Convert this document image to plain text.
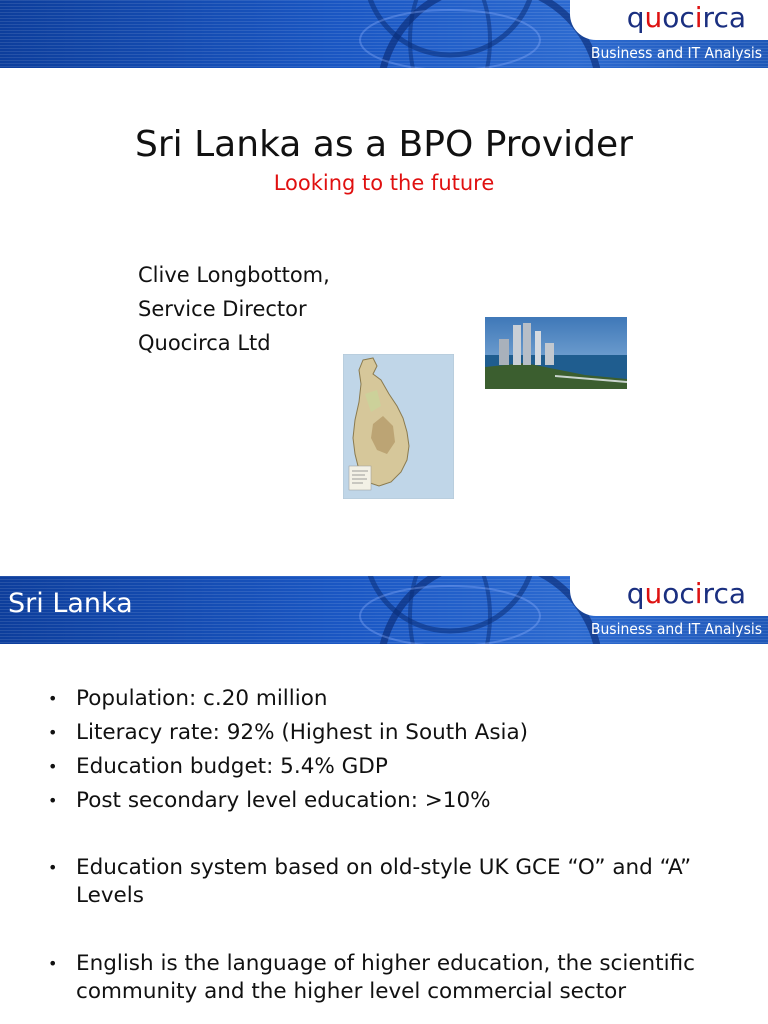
quocirca
Business and IT Analysis
Sri Lanka as a BPO Provider
Looking to the future
Clive Longbottom,
Service Director
Quocirca Ltd
Sri Lanka	quocirca
Business and IT Analysis
• Population: c.20 million
• Literacy rate: 92% (Highest in South Asia)
• Education budget: 5.4% GDP
• Post secondary level education: >10%
• Education system based on old-style UK GCE “O” and “A” Levels
• English is the language of higher education, the scientific community and the higher level commercial sector
